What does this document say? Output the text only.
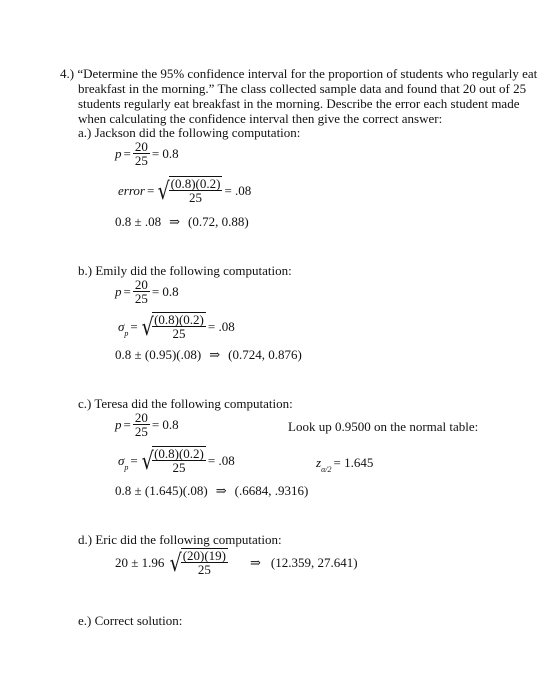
4.) “Determine the 95% confidence interval for the proportion of students who regularly eat
breakfast in the morning.” The class collected sample data and found that 20 out of 25
students regularly eat breakfast in the morning. Describe the error each student made
when calculating the confidence interval then give the correct answer:
a.) Jackson did the following computation:
$p = \frac{20}{25} = 0.8$
error = √
$\frac{(0.8)(0.2)}{25} = .08$
0.8 ± .08 ⇒ (0.72, 0.88)
b.) Emily did the following computation:
$p = \frac{20}{25} = 0.8$
$\sigma_p$ = √
$\frac{(0.8)(0.2)}{25} = .08$
0.8 ± (0.95)(.08) ⇒ (0.724, 0.876)
c.) Teresa did the following computation:
$p = \frac{20}{25} = 0.8$	Look up 0.9500 on the normal table:
$\sigma_p$ = √
$\frac{(0.8)(0.2)}{25} = .08$	$z_{\alpha/2} = 1.645$
0.8 ± (1.645)(.08) ⇒ (.6684, .9316)
d.) Eric did the following computation:
20 ± 1.96 √
$\frac{(20)(19)}{25}$ ⇒ (12.359, 27.641)
e.) Correct solution:
